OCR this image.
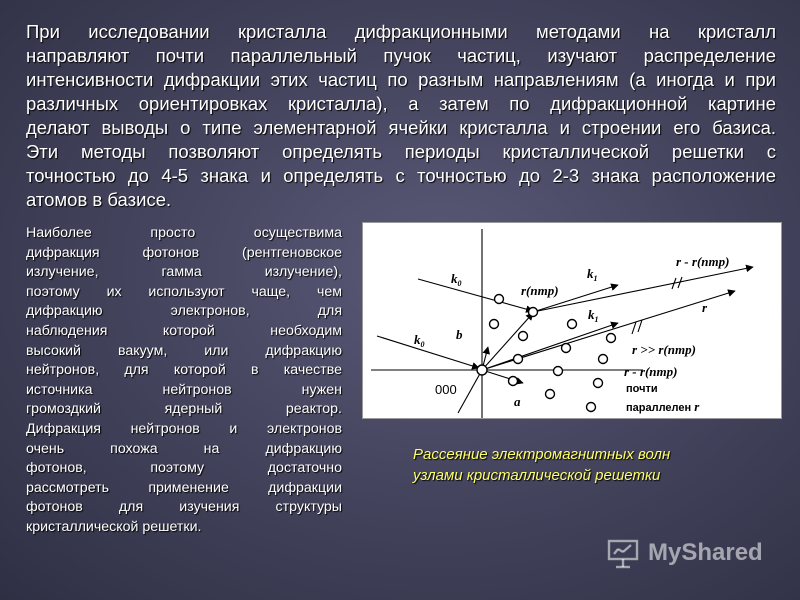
При исследовании кристалла дифракционными методами на кристалл
направляют почти параллельный пучок частиц, изучают распределение
интенсивности дифракции этих частиц по разным направлениям (а иногда и при
различных ориентировках кристалла), а затем по дифракционной картине
делают выводы о типе элементарной ячейки кристалла и строении его базиса.
Эти методы позволяют определять периоды кристаллической решетки с
точностью до 4-5 знака и определять с точностью до 2-3 знака расположение
атомов в базисе.
Наиболее просто осуществима
дифракция фотонов (рентгеновское
излучение, гамма излучение),
поэтому их используют чаще, чем
дифракцию электронов, для
наблюдения которой необходим
высокий вакуум, или дифракцию
нейтронов, для которой в качестве
источника нейтронов нужен
громоздкий ядерный реактор.
Дифракция нейтронов и электронов
очень похожа на дифракцию
фотонов, поэтому достаточно
рассмотреть применение дифракции
фотонов для изучения структуры
кристаллической решетки.
$k_0$
$k_0$
$k_1$
$k_1$
r(nmp)
r - r(nmp)
r
r >> r(nmp)
r - r(nmp)
b
a
000	почти
параллелен r
Рассеяние электромагнитных волн
узлами кристаллической решетки
MyShared
